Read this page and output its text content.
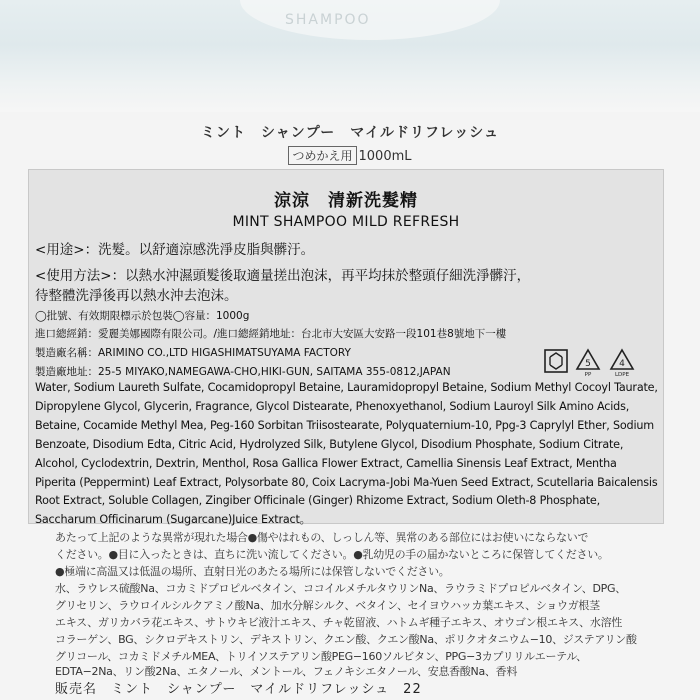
SHAMPOO
ミント　シャンプー　マイルドリフレッシュ
つめかえ用 1000mL
涼涼　清新洗髮精
MINT SHAMPOO MILD REFRESH
<用途>：洗髮。以舒適涼感洗淨皮脂與髒汙。
<使用方法>：以熱水沖濕頭髮後取適量搓出泡沫，再平均抹於整頭仔細洗淨髒汙，
待整體洗淨後再以熱水沖去泡沫。
◯批號、有效期限標示於包裝◯容量：1000g
進口總經銷：愛麗美娜國際有限公司。/進口總經銷地址：台北市大安區大安路一段101巷8號地下一樓
製造廠名稱：ARIMINO CO.,LTD HIGASHIMATSUYAMA FACTORY
製造廠地址：25-5 MIYAKO,NAMEGAWA-CHO,HIKI-GUN, SAITAMA 355-0812,JAPAN
5
PP
4
LDPE
Water, Sodium Laureth Sulfate, Cocamidopropyl Betaine, Lauramidopropyl Betaine, Sodium Methyl Cocoyl Taurate, Dipropylene Glycol, Glycerin, Fragrance, Glycol Distearate, Phenoxyethanol, Sodium Lauroyl Silk Amino Acids, Betaine, Cocamide Methyl Mea, Peg-160 Sorbitan Triisostearate, Polyquaternium-10, Ppg-3 Caprylyl Ether, Sodium Benzoate, Disodium Edta, Citric Acid, Hydrolyzed Silk, Butylene Glycol, Disodium Phosphate, Sodium Citrate, Alcohol, Cyclodextrin, Dextrin, Menthol, Rosa Gallica Flower Extract, Camellia Sinensis Leaf Extract, Mentha Piperita (Peppermint) Leaf Extract, Polysorbate 80, Coix Lacryma-Jobi Ma-Yuen Seed Extract, Scutellaria Baicalensis Root Extract, Soluble Collagen, Zingiber Officinale (Ginger) Rhizome Extract, Sodium Oleth-8 Phosphate, Saccharum Officinarum (Sugarcane)Juice Extract。
あたって上記のような異常が現れた場合●傷やはれもの、しっしん等、異常のある部位にはお使いにならないで
ください。●目に入ったときは、直ちに洗い流してください。●乳幼児の手の届かないところに保管してください。
●極端に高温又は低温の場所、直射日光のあたる場所には保管しないでください。
水、ラウレス硫酸Na、コカミドプロピルベタイン、ココイルメチルタウリンNa、ラウラミドプロピルベタイン、DPG、
グリセリン、ラウロイルシルクアミノ酸Na、加水分解シルク、ベタイン、セイヨウハッカ葉エキス、ショウガ根茎
エキス、ガリカバラ花エキス、サトウキビ液汁エキス、チャ乾留液、ハトムギ種子エキス、オウゴン根エキス、水溶性
コラーゲン、BG、シクロデキストリン、デキストリン、クエン酸、クエン酸Na、ポリクオタニウム−10、ジステアリン酸
グリコール、コカミドメチルMEA、トリイソステアリン酸PEG−160ソルビタン、PPG−3カプリリルエーテル、
EDTA−2Na、リン酸2Na、エタノール、メントール、フェノキシエタノール、安息香酸Na、香料
販売名　ミント　シャンプー　マイルドリフレッシュ　22
